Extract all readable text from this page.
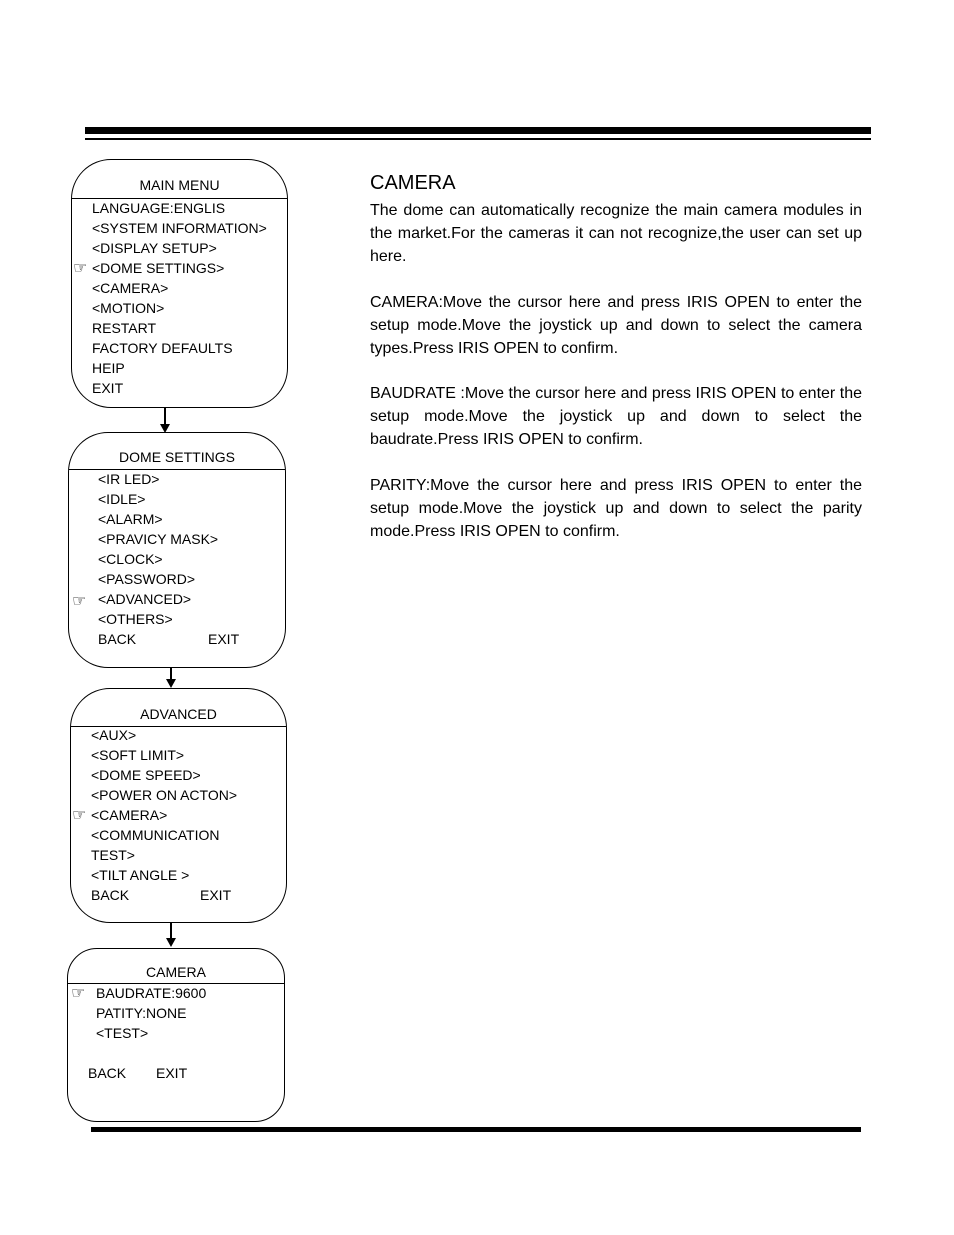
MAIN MENU
LANGUAGE:ENGLIS
<SYSTEM INFORMATION>
<DISPLAY SETUP>
☞ <DOME SETTINGS>
<CAMERA>
<MOTION>
RESTART
FACTORY DEFAULTS
HEIP
EXIT
DOME SETTINGS
<IR LED>
<IDLE>
<ALARM>
<PRAVICY MASK>
<CLOCK>
<PASSWORD>
☞ <ADVANCED>
<OTHERS>
BACK	EXIT
ADVANCED
<AUX>
<SOFT LIMIT>
<DOME SPEED>
<POWER ON ACTON>
☞ <CAMERA>
<COMMUNICATION
TEST>
<TILT ANGLE >
BACK	EXIT
CAMERA
☞ BAUDRATE:9600
PATITY:NONE
<TEST>
BACK EXIT
CAMERA
The dome can automatically recognize the main camera modules in the market.For the cameras it can not recognize,the user can set up here.
CAMERA:Move the cursor here and press IRIS OPEN to enter the setup mode.Move the joystick up and down to select the camera types.Press IRIS OPEN to confirm.
BAUDRATE :Move the cursor here and press IRIS OPEN to enter the setup mode.Move the joystick up and down to select the baudrate.Press IRIS OPEN to confirm.
PARITY:Move the cursor here and press IRIS OPEN to enter the setup mode.Move the joystick up and down to select the parity mode.Press IRIS OPEN to confirm.
